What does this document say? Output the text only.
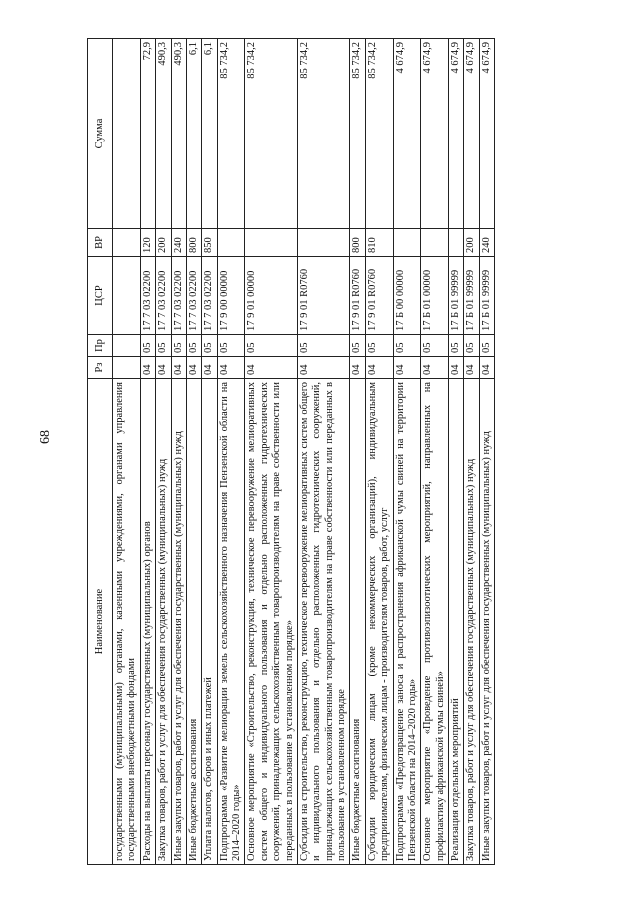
68
Наименование	Рз	Пр	ЦСР	ВР	Сумма
государственными (муниципальными) органами, казенными учреждениями, органами управления государственными внебюджетными фондами					
Расходы на выплаты персоналу государственных (муниципальных) органов	04	05	17 7 03 02200	120	72,9
Закупка товаров, работ и услуг для обеспечения государственных (муниципальных) нужд	04	05	17 7 03 02200	200	490,3
Иные закупки товаров, работ и услуг для обеспечения государственных (муниципальных) нужд	04	05	17 7 03 02200	240	490,3
Иные бюджетные ассигнования	04	05	17 7 03 02200	800	6,1
Уплата налогов, сборов и иных платежей	04	05	17 7 03 02200	850	6,1
Подпрограмма «Развитие мелиорации земель сельскохозяйственного назначения Пензенской области на 2014–2020 годы»	04	05	17 9 00 00000		85 734,2
Основное мероприятие «Строительство, реконструкция, техническое перевооружение мелиоративных систем общего и индивидуального пользования и отдельно расположенных гидротехнических сооружений, принадлежащих сельскохозяйственным товаропроизводителям на праве собственности или переданных в пользование в установленном порядке»	04	05	17 9 01 00000		85 734,2
Субсидии на строительство, реконструкцию, техническое перевооружение мелиоративных систем общего и индивидуального пользования и отдельно расположенных гидротехнических сооружений, принадлежащих сельскохозяйственным товаропроизводителям на праве собственности или переданных в пользование в установленном порядке	04	05	17 9 01 R0760		85 734,2
Иные бюджетные ассигнования	04	05	17 9 01 R0760	800	85 734,2
Субсидии юридическим лицам (кроме некоммерческих организаций), индивидуальным предпринимателям, физическим лицам - производителям товаров, работ, услуг	04	05	17 9 01 R0760	810	85 734,2
Подпрограмма «Предотвращение заноса и распространения африканской чумы свиней на территории Пензенской области на 2014–2020 годы»	04	05	17 Б 00 00000		4 674,9
Основное мероприятие «Проведение противоэпизоотических мероприятий, направленных на профилактику африканской чумы свиней»	04	05	17 Б 01 00000		4 674,9
Реализация отдельных мероприятий	04	05	17 Б 01 99999		4 674,9
Закупка товаров, работ и услуг для обеспечения государственных (муниципальных) нужд	04	05	17 Б 01 99999	200	4 674,9
Иные закупки товаров, работ и услуг для обеспечения государственных (муниципальных) нужд	04	05	17 Б 01 99999	240	4 674,9
